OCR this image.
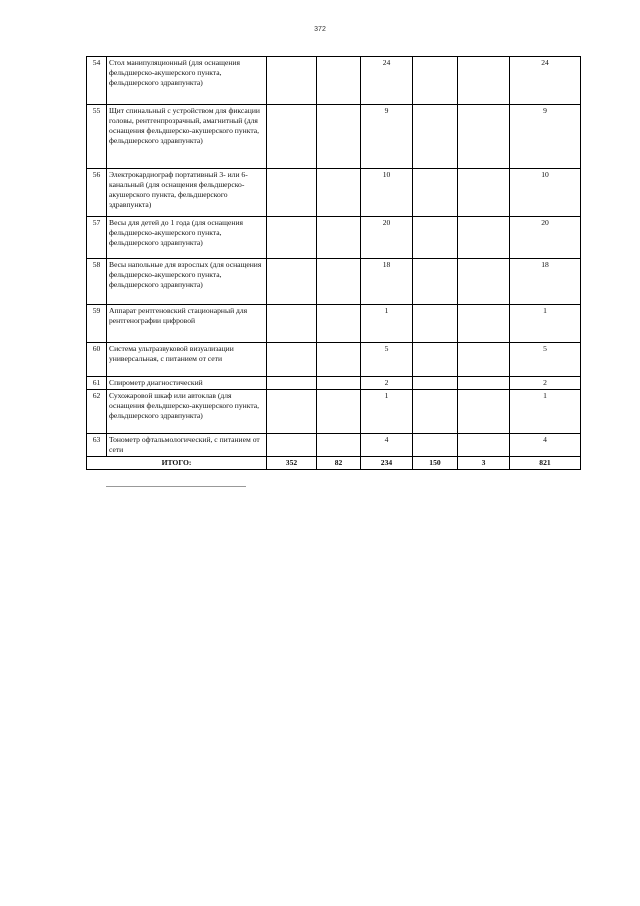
372
54	Стол манипуляционный (для оснащения фельдшерско-акушерского пункта, фельдшерского здравпункта)			24			24
55	Щит спинальный с устройством для фиксации головы, рентгенпрозрачный, амагнитный (для оснащения фельдшерско-акушерского пункта, фельдшерского здравпункта)			9			9
56	Электрокардиограф портативный 3- или 6-канальный (для оснащения фельдшерско-акушерского пункта, фельдшерского здравпункта)			10			10
57	Весы для детей до 1 года (для оснащения фельдшерско-акушерского пункта, фельдшерского здравпункта)			20			20
58	Весы напольные для взрослых (для оснащения фельдшерско-акушерского пункта, фельдшерского здравпункта)			18			18
59	Аппарат рентгеновский стационарный для рентгенографии цифровой			1			1
60	Система ультразвуковой визуализации универсальная, с питанием от сети			5			5
61	Спирометр диагностический			2			2
62	Сухожаровой шкаф или автоклав (для оснащения фельдшерско-акушерского пункта, фельдшерского здравпункта)			1			1
63	Тонометр офтальмологический, с питанием от сети			4			4
ИТОГО:		352	82	234	150	3	821
